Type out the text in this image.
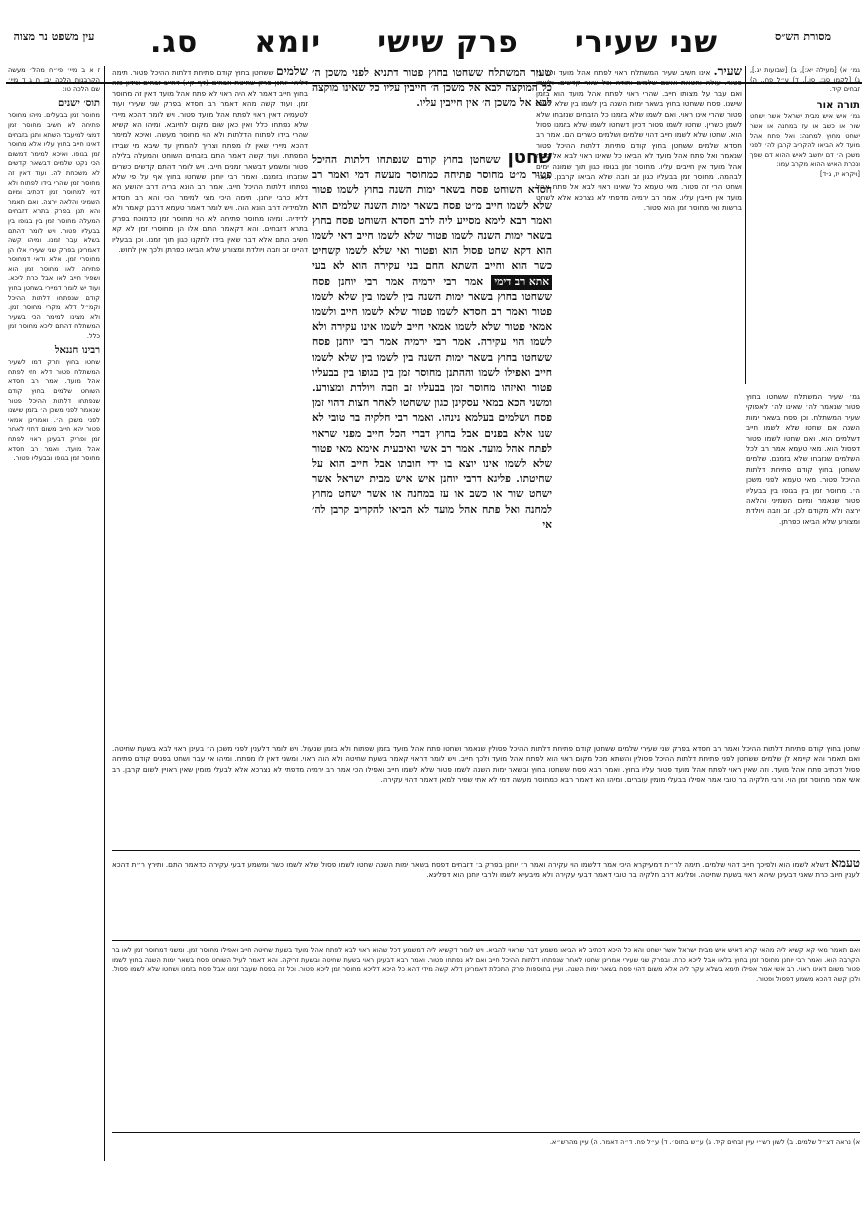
מסורת הש״ס
שני שעירי
פרק שישי
יומא
סג.
עין משפט נר מצוה
גמ׳ א) [מעילה יא:], ב) [שבועות יג.], ג) [לקמן סג:, סו.], ד) ע״ל פח., ה) זבחים קיד.
תורה אור
גמ׳ איש איש מבית ישראל אשר ישחט שור או כשב או עז במחנה או אשר ישחט מחוץ למחנה: ואל פתח אהל מועד לא הביאו להקריב קרבן לה׳ לפני משכן ה׳ דם יחשב לאיש ההוא דם שפך ונכרת האיש ההוא מקרב עמו:
[ויקרא יז, ג-ד]
ז א ב מיי׳ פי״ח מהל׳ מעשה הקרבנות הלכה יב: ח ג ד מיי׳ שם הלכה טו:
תוס׳ ישנים
מחוסר זמן בבעלים. מיהו מחוסר פתיחה לא חשיב מחוסר זמן דמצי למיעבד השתא ותנן בזבחים דאינו חייב בחוץ עליו אלא מחוסר זמן בגופו. ואיכא למימר דמשום הכי נקט שלמים דבשאר קדשים לא משכחת לה. ועוד דאין זה מחוסר זמן שהרי בידו לפתוח ולא דמי למחוסר זמן דכתיב ומיום השמיני והלאה ירצה. ואם תאמר והא תנן בפרק בתרא דזבחים המעלה מחוסר זמן בין בגופו בין בבעליו פטור. ויש לומר דהתם בשלא עבר זמנו. ומיהו קשה דאמרינן בפרק שני שעירי אלו הן מחוסרי זמן. אלא ודאי דמחוסר פתיחה לאו מחוסר זמן הוא ושפיר חייב לאו אבל כרת ליכא. ועוד יש לומר דמיירי בשחטן בחוץ קודם שנפתחו דלתות ההיכל וקמ״ל דלא מקרי מחוסר זמן. ולא מצינו למימר הכי בשעיר המשתלח דהתם ליכא מחוסר זמן כלל.
רבינו חננאל
שחטו בחוץ וזרק דמו לשעיר המשתלח פטור דלא חזי לפתח אהל מועד. אמר רב חסדא השוחט שלמים בחוץ קודם שנפתחו דלתות ההיכל פטור שנאמר לפני משכן ה׳ בזמן שישנו לפני משכן ה׳. ואמרינן אמאי פטור יהא חייב משום דחזי לאחר זמן ופריק דבעינן ראוי לפתח אהל מועד. ואמר רב חסדא מחוסר זמן בגופו ובבעליו פטור.
שלמים ששחטן בחוץ קודם פתיחת דלתות ההיכל פטור. תימה דליה׳ יוחנן פרק שחיטת וזבחים (דף קי.) דחייב זבחים ונידון כזה בחוץ חייב דאמר לא היה ראוי לא פתח אהל מועד דאין זה מחוסר זמן. ועוד קשה מהא דאמר רב חסדא בפרק שני שעירי ועוד לטעמיה דאין ראוי לפתח אהל מועד פטור. ויש לומר דהכא מיירי שלא נפתחו כלל ואין כאן שום מקום לחיובא. ומיהו הא קשיא שהרי בידו לפתוח הדלתות ולא הוי מחוסר מעשה. ואיכא למימר דהכא מיירי שאין לו מפתח וצריך להמתין עד שיבא מי שבידו המפתח. ועוד קשה דאמר התם בזבחים השוחט והמעלה בלילה פטור ומשמע דבשאר זמנים חייב. ויש לומר דהתם קדשים כשרים שנזבחו בזמנם. ואמר רבי יוחנן ששחטו בחוץ אף על פי שלא נפתחו דלתות ההיכל חייב. אמר רב הונא בריה דרב יהושע הא דלא כרבי יוחנן. תימה היכי מצי למימר הכי והא רב חסדא תלמידיה דרב הונא הוה. ויש לומר דאמר טעמא דרבנן קאמר ולא לדידיה. ומיהו מחוסר פתיחה לא הוי מחוסר זמן כדמוכח בפרק בתרא דזבחים. והא דקאמר התם אלו הן מחוסרי זמן לא קא חשיב התם אלא דבר שאין בידו לתקנו כגון תוך זמנו. וכן בבעליו דהיינו זב וזבה ויולדת ומצורע שלא הביאו כפרתן ולכך אין לחוש.
שעיר. אינו חשיב שעיר המשתלח ראוי לפתח אהל מועד ועל כן פטור. עולה וחטאת ואשם שלמים ותודה וכל שאר קדשים. ולשמו ואם עבר על מצותו חייב. שהרי ראוי לפתח אהל מועד הוא בזמן שישנו. פסח ששחטו בחוץ בשאר ימות השנה בין לשמו בין שלא לשמו פטור שהרי אינו ראוי. ואם לשמו שלא בזמנו כל הזבחים שנזבחו שלא לשמן כשרין. שחטו לשמו פטור דכיון דשחטו לשמו שלא בזמנו פסול הוא. שחטו שלא לשמו חייב דהוי שלמים ושלמים כשרים הם. אמר רב חסדא שלמים ששחטן בחוץ קודם פתיחת דלתות ההיכל פטור שנאמר ואל פתח אהל מועד לא הביאו כל שאינו ראוי לבא אל פתח אהל מועד אין חייבים עליו. מחוסר זמן בגופו כגון תוך שמונה ימים לבהמה. מחוסר זמן בבעליו כגון זב וזבה שלא הביאו קרבנן. ועבר ושחט הרי זה פטור. מאי טעמא כל שאינו ראוי לבא אל פתח אהל מועד אין חייבין עליו. אמר רב ירמיה מדפתי לא נצרכא אלא לשחט ברשות ואי מחוסר זמן הוא פטור.
גמ׳ שעיר המשתלח ששחטו בחוץ פטור שנאמר לה׳ שאינו לה׳ לאפוקי שעיר המשתלח. וכן פסח בשאר ימות השנה אם שחטו שלא לשמו חייב דשלמים הוא. ואם שחטו לשמו פטור דפסול הוא. מאי טעמא אמר רב לכל השלמים שנזבחו שלא בזמנם. שלמים ששחטן בחוץ קודם פתיחת דלתות ההיכל פטור. מאי טעמא לפני משכן ה׳. מחוסר זמן בין בגופו בין בבעליו פטור שנאמר ומיום השמיני והלאה ירצה ולא מקודם לכן. זב וזבה ויולדת ומצורע שלא הביאו כפרתן.
שעיר המשתלח ששחטו בחוץ פטור דתניא לפני משכן ה׳ כל המוקצה לבא אל משכן ה׳ חייבין עליו כל שאינו מוקצה לבא אל משכן ה׳ אין חייבין עליו.
שחטן ששחטן בחוץ קודם שנפתחו דלתות ההיכל פטור מ״ט מחוסר פתיחה כמחוסר מעשה דמי ואמר רב חסדא השוחט פסח בשאר ימות השנה בחוץ לשמו פטור שלא לשמו חייב מ״ט פסח בשאר ימות השנה שלמים הוא ואמר רבא לימא מסייע ליה לרב חסדא השוחט פסח בחוץ בשאר ימות השנה לשמו פטור שלא לשמו חייב דאי לשמו הוא דקא שחט פסול הוא ופטור ואי שלא לשמו קשחיט כשר הוא וחייב השתא החם בני עקירה הוא לא בעי אתא רב דימי אמר רבי ירמיה אמר רבי יוחנן פסח ששחטו בחוץ בשאר ימות השנה בין לשמו בין שלא לשמו פטור ואמר רב חסדא לשמו פטור שלא לשמו חייב ולשמו אמאי פטור שלא לשמו אמאי חייב לשמו אינו עקירה ולא לשמו הוי עקירה. אמר רבי ירמיה אמר רבי יוחנן פסח ששחטו בחוץ בשאר ימות השנה בין לשמו בין שלא לשמו חייב ואפילו לשמו וההתנן מחוסר זמן בין בגופו בין בבעליו פטור ואיזהו מחוסר זמן בבעליו זב וזבה ויולדת ומצורע. ומשני הכא במאי עסקינן כגון ששחטו לאחר חצות דהוי זמן פסח ושלמים בעלמא נינהו. ואמר רבי חלקיה בר טובי לא שנו אלא בפנים אבל בחוץ דברי הכל חייב מפני שראוי לפתח אהל מועד. אמר רב אשי ואיבעית אימא מאי פטור שלא לשמו אינו יוצא בו ידי חובתו אבל חייב הוא על שחיטתו. פליגא דרבי יוחנן איש איש מבית ישראל אשר ישחט שור או כשב או עז במחנה או אשר ישחט מחוץ למחנה ואל פתח אהל מועד לא הביאו להקריב קרבן לה׳ אי
שחטן בחוץ קודם פתיחת דלתות ההיכל ואמר רב חסדא בפרק שני שעירי שלמים ששחטן קודם פתיחת דלתות ההיכל פסולין שנאמר ושחטו פתח אהל מועד בזמן שפתוח ולא בזמן שנעול. ויש לומר דלענין לפני משכן ה׳ בעינן ראוי לבא בשעת שחיטה. ואם תאמר והא קיימא לן שלמים ששחטן לפני פתיחת דלתות ההיכל פסולין והשתא מכל מקום ראוי הוא לפתח אהל מועד ולכך חייב. ויש לומר דראוי קאמר בשעת שחיטה ולא הוה ראוי. ומשני דאין לו מפתח. ומיהו אי עבר ושחט בפנים קודם פתיחה פסול דכתיב פתח אהל מועד. וזה שאין ראוי לפתח אהל מועד פטור עליו בחוץ. ואמר רבא פסח ששחטו בחוץ ובשאר ימות השנה לשמו פטור שלא לשמו חייב ואפילו הכי אמר רב ירמיה מדפתי לא נצרכא אלא לבעלי מומין שאין ראויין לשום קרבן. רב אשי אמר מחוסר זמן הוי. ורבי חלקיה בר טובי אמר אפילו בבעלי מומין עוברים. ומיהו הא דאמר רבא כמחוסר מעשה דמי לא אתי שפיר למאן דאמר דהוי עקירה.
טעמא דשלא לשמו הוא ולפיכך חייב דהוי שלמים. תימה לר״ת דמעיקרא היכי אמר דלשמו הוי עקירה ואמר ר׳ יוחנן בפרק ב׳ דזבחים דפסח בשאר ימות השנה שחטו לשמו פסול שלא לשמו כשר ומשמע דבעי עקירה כדאמר התם. ותירץ ר״ת דהכא לענין חיוב כרת שאני דבעינן שיהא ראוי בשעת שחיטה. ופליגא דרב חלקיה בר טובי דאמר דבעי עקירה ולא מיבעיא לשמו ולרבי יוחנן הוא דפליגא.
ואם תאמר מאי קא קשיא ליה מהאי קרא דאיש איש מבית ישראל אשר ישחט והא כל היכא דכתיב לא הביאו משמע דבר שראוי להביא. ויש לומר דקשיא ליה דמשמע דכל שהוא ראוי לבא לפתח אהל מועד בשעת שחיטה חייב ואפילו מחוסר זמן. ומשני דמחוסר זמן לאו בר הקרבה הוא. ואמר רבי יוחנן מחוסר זמן בחוץ בלאו אבל ליכא כרת. ובפרק שני שעירי אמרינן שחטו לאחר שנפתחו דלתות ההיכל חייב ואם לא נפתחו פטור. ואמר רבא דבעינן ראוי בשעת שחיטה ובשעת זריקה. והא דאמר לעיל השוחט פסח בשאר ימות השנה בחוץ לשמו פטור משום דאינו ראוי. רב אשי אמר אפילו תימא בשלא עקר ליה אלא משום דהוי פסח בשאר ימות השנה. ועיין בתוספות פרק התכלת דאמרינן דלא קשה מידי דהא כל היכא דליכא מחוסר זמן ליכא פטור. וכל זה בפסח שעבר זמנו אבל פסח בזמנו ושחטו שלא לשמו פסול. ולכן קשה דהכא משמע דפסול ופטור.
א) נראה דצ״ל שלמים. ב) לשון רש״י עיין זבחים קיד. ג) ע״ש בתוס׳. ד) ע״ל פח. ד״ה דאמר. ה) עיין מהרש״א.
